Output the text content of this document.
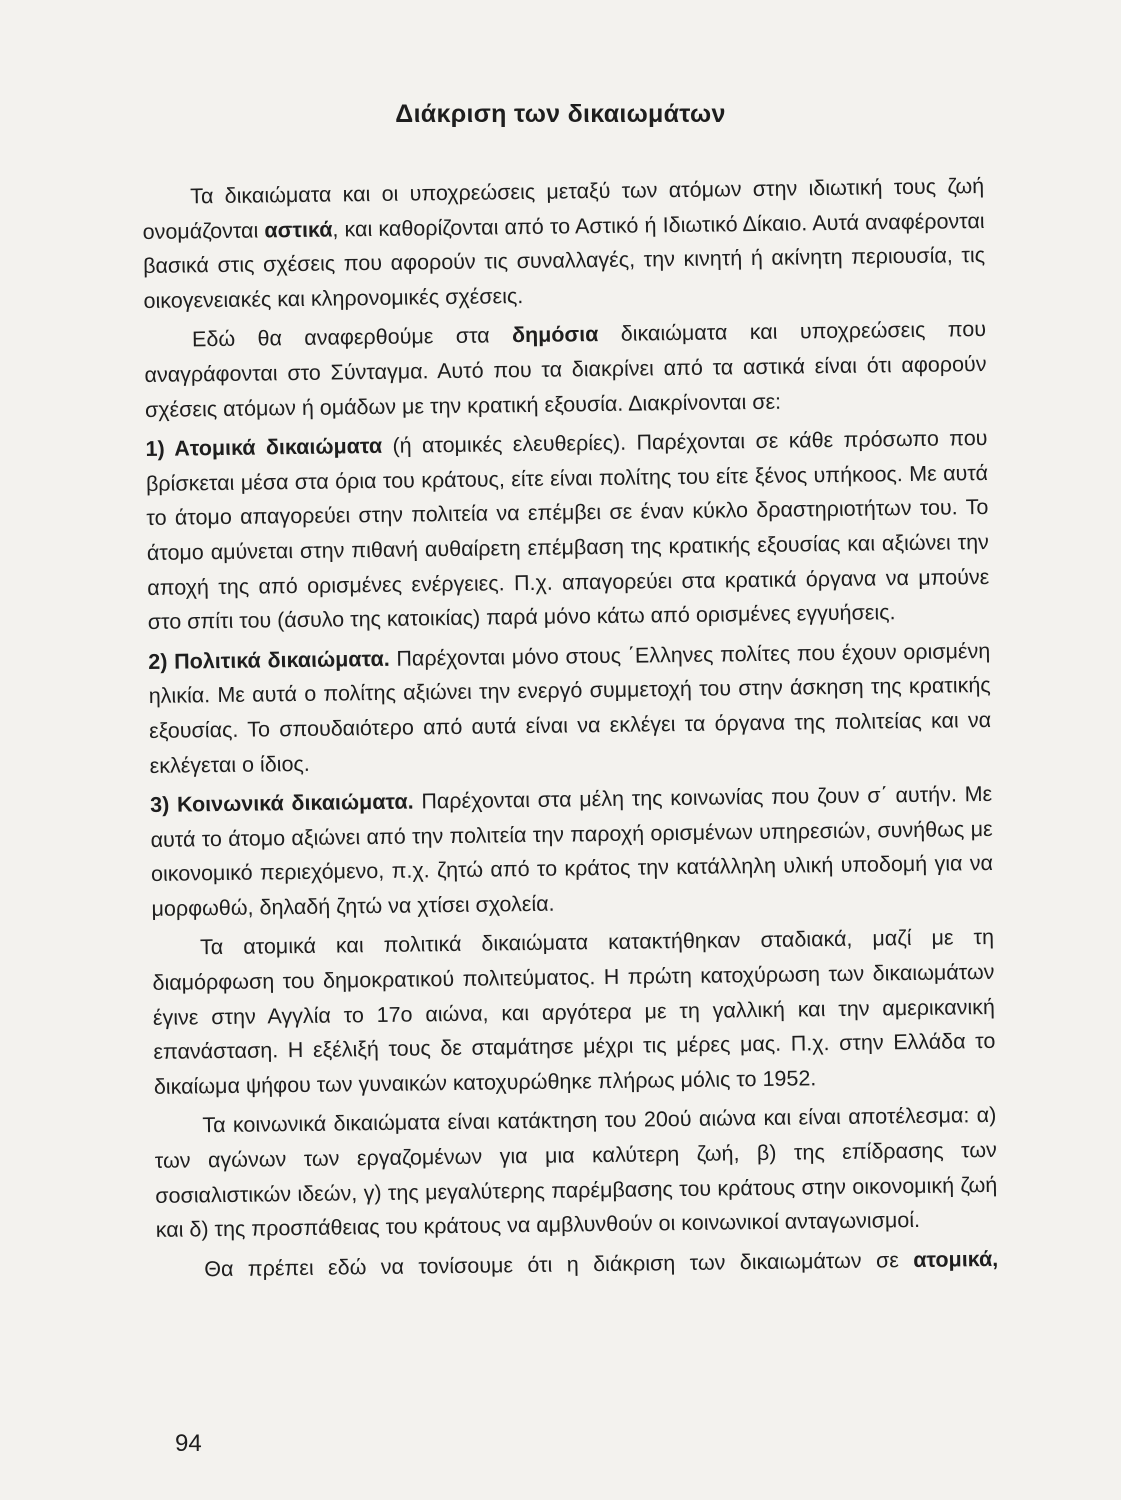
Διάκριση των δικαιωμάτων

Τα δικαιώματα και οι υποχρεώσεις μεταξύ των ατόμων στην ιδιωτική τους ζωή ονομάζονται αστικά, και καθορίζονται από το Αστικό ή Ιδιωτικό Δίκαιο. Αυτά αναφέρονται βασικά στις σχέσεις που αφορούν τις συναλλαγές, την κινητή ή ακίνητη περιουσία, τις οικογενειακές και κληρονομικές σχέσεις.

Εδώ θα αναφερθούμε στα δημόσια δικαιώματα και υποχρεώσεις που αναγράφονται στο Σύνταγμα. Αυτό που τα διακρίνει από τα αστικά είναι ότι αφορούν σχέσεις ατόμων ή ομάδων με την κρατική εξουσία. Διακρίνονται σε:

1) Ατομικά δικαιώματα (ή ατομικές ελευθερίες). Παρέχονται σε κάθε πρόσωπο που βρίσκεται μέσα στα όρια του κράτους, είτε είναι πολίτης του είτε ξένος υπήκοος. Με αυτά το άτομο απαγορεύει στην πολιτεία να επέμβει σε έναν κύκλο δραστηριοτήτων του. Το άτομο αμύνεται στην πιθανή αυθαίρετη επέμβαση της κρατικής εξουσίας και αξιώνει την αποχή της από ορισμένες ενέργειες. Π.χ. απαγορεύει στα κρατικά όργανα να μπούνε στο σπίτι του (άσυλο της κατοικίας) παρά μόνο κάτω από ορισμένες εγγυήσεις.

2) Πολιτικά δικαιώματα. Παρέχονται μόνο στους ΄Ελληνες πολίτες που έχουν ορισμένη ηλικία. Με αυτά ο πολίτης αξιώνει την ενεργό συμμετοχή του στην άσκηση της κρατικής εξουσίας. Το σπουδαιότερο από αυτά είναι να εκλέγει τα όργανα της πολιτείας και να εκλέγεται ο ίδιος.

3) Κοινωνικά δικαιώματα. Παρέχονται στα μέλη της κοινωνίας που ζουν σ΄ αυτήν. Με αυτά το άτομο αξιώνει από την πολιτεία την παροχή ορισμένων υπηρεσιών, συνήθως με οικονομικό περιεχόμενο, π.χ. ζητώ από το κράτος την κατάλληλη υλική υποδομή για να μορφωθώ, δηλαδή ζητώ να χτίσει σχολεία.

Τα ατομικά και πολιτικά δικαιώματα κατακτήθηκαν σταδιακά, μαζί με τη διαμόρφωση του δημοκρατικού πολιτεύματος. Η πρώτη κατοχύρωση των δικαιωμάτων έγινε στην Αγγλία το 17ο αιώνα, και αργότερα με τη γαλλική και την αμερικανική επανάσταση. Η εξέλιξή τους δε σταμάτησε μέχρι τις μέρες μας. Π.χ. στην Ελλάδα το δικαίωμα ψήφου των γυναικών κατοχυρώθηκε πλήρως μόλις το 1952.

Τα κοινωνικά δικαιώματα είναι κατάκτηση του 20ού αιώνα και είναι αποτέλεσμα: α) των αγώνων των εργαζομένων για μια καλύτερη ζωή, β) της επίδρασης των σοσιαλιστικών ιδεών, γ) της μεγαλύτερης παρέμβασης του κράτους στην οικονομική ζωή και δ) της προσπάθειας του κράτους να αμβλυνθούν οι κοινωνικοί ανταγωνισμοί.

Θα πρέπει εδώ να τονίσουμε ότι η διάκριση των δικαιωμάτων σε ατομικά,

94
